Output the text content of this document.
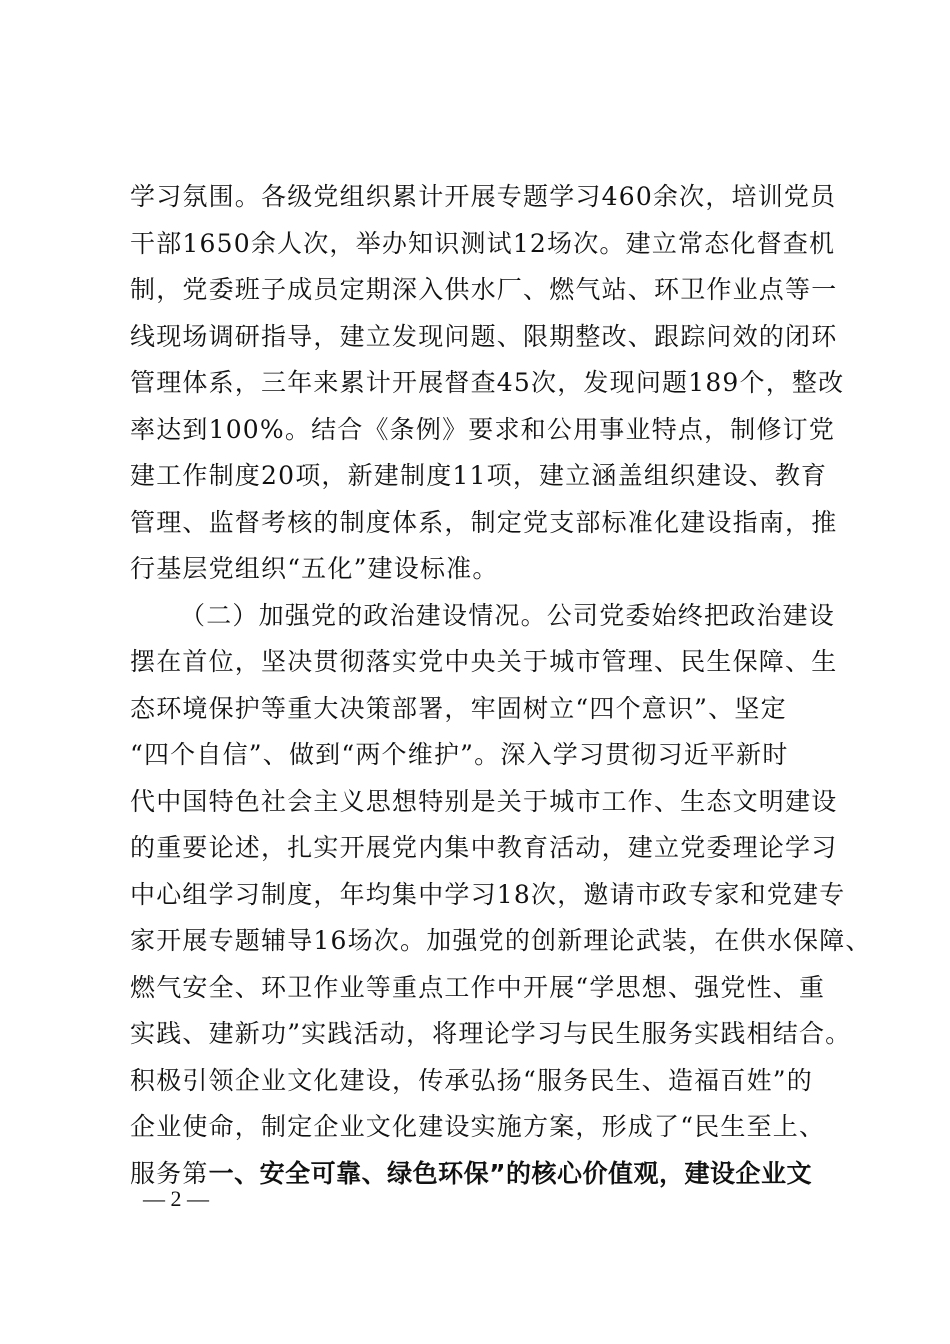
学习氛围。各级党组织累计开展专题学习460余次，培训党员
干部1650余人次，举办知识测试12场次。建立常态化督查机
制，党委班子成员定期深入供水厂、燃气站、环卫作业点等一
线现场调研指导，建立发现问题、限期整改、跟踪问效的闭环
管理体系，三年来累计开展督查45次，发现问题189个，整改
率达到100%。结合《条例》要求和公用事业特点，制修订党
建工作制度20项，新建制度11项，建立涵盖组织建设、教育
管理、监督考核的制度体系，制定党支部标准化建设指南，推
行基层党组织“五化”建设标准。
（二）加强党的政治建设情况。公司党委始终把政治建设
摆在首位，坚决贯彻落实党中央关于城市管理、民生保障、生
态环境保护等重大决策部署，牢固树立“四个意识”、坚定
“四个自信”、做到“两个维护”。深入学习贯彻习近平新时
代中国特色社会主义思想特别是关于城市工作、生态文明建设
的重要论述，扎实开展党内集中教育活动，建立党委理论学习
中心组学习制度，年均集中学习18次，邀请市政专家和党建专
家开展专题辅导16场次。加强党的创新理论武装，在供水保障、
燃气安全、环卫作业等重点工作中开展“学思想、强党性、重
实践、建新功”实践活动，将理论学习与民生服务实践相结合。
积极引领企业文化建设，传承弘扬“服务民生、造福百姓”的
企业使命，制定企业文化建设实施方案，形成了“民生至上、
服务第一、安全可靠、绿色环保”的核心价值观，建设企业文
— 2 —
